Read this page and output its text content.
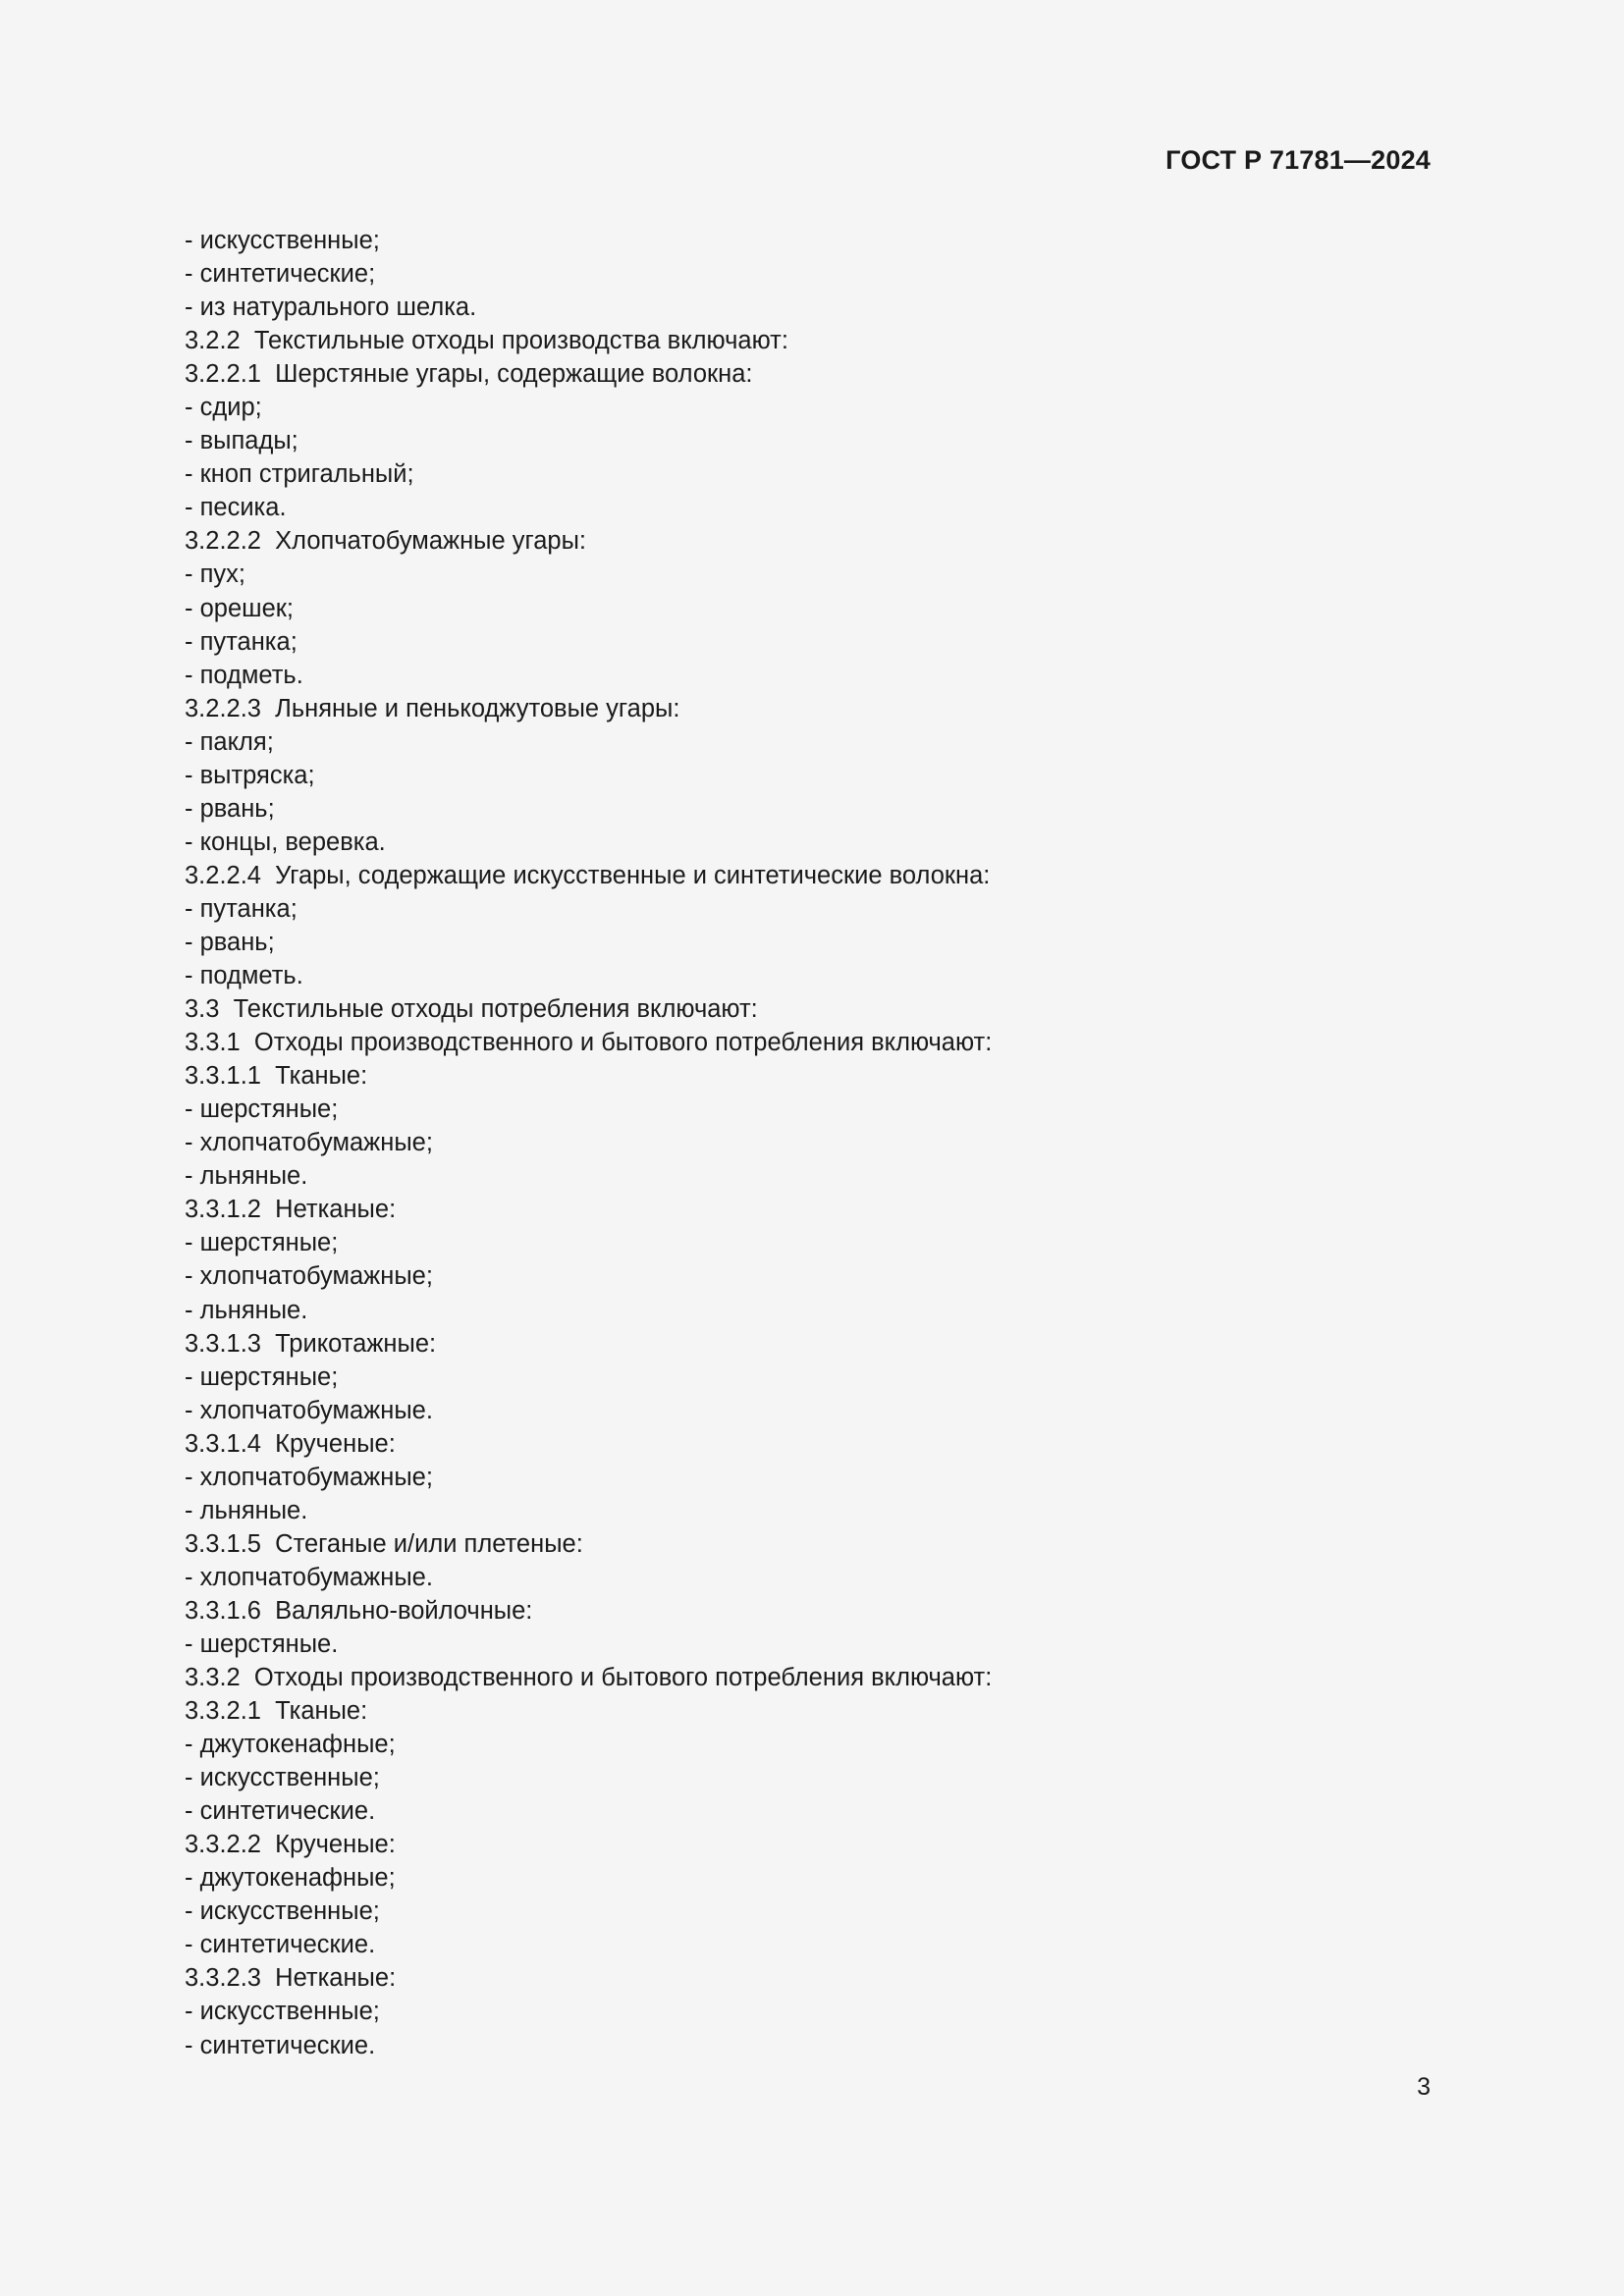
ГОСТ Р 71781—2024
- искусственные;
- синтетические;
- из натурального шелка.
3.2.2  Текстильные отходы производства включают:
3.2.2.1  Шерстяные угары, содержащие волокна:
- сдир;
- выпады;
- кноп стригальный;
- песика.
3.2.2.2  Хлопчатобумажные угары:
- пух;
- орешек;
- путанка;
- подметь.
3.2.2.3  Льняные и пенькоджутовые угары:
- пакля;
- вытряска;
- рвань;
- концы, веревка.
3.2.2.4  Угары, содержащие искусственные и синтетические волокна:
- путанка;
- рвань;
- подметь.
3.3  Текстильные отходы потребления включают:
3.3.1  Отходы производственного и бытового потребления включают:
3.3.1.1  Тканые:
- шерстяные;
- хлопчатобумажные;
- льняные.
3.3.1.2  Нетканые:
- шерстяные;
- хлопчатобумажные;
- льняные.
3.3.1.3  Трикотажные:
- шерстяные;
- хлопчатобумажные.
3.3.1.4  Крученые:
- хлопчатобумажные;
- льняные.
3.3.1.5  Стеганые и/или плетеные:
- хлопчатобумажные.
3.3.1.6  Валяльно-войлочные:
- шерстяные.
3.3.2  Отходы производственного и бытового потребления включают:
3.3.2.1  Тканые:
- джутокенафные;
- искусственные;
- синтетические.
3.3.2.2  Крученые:
- джутокенафные;
- искусственные;
- синтетические.
3.3.2.3  Нетканые:
- искусственные;
- синтетические.
3
